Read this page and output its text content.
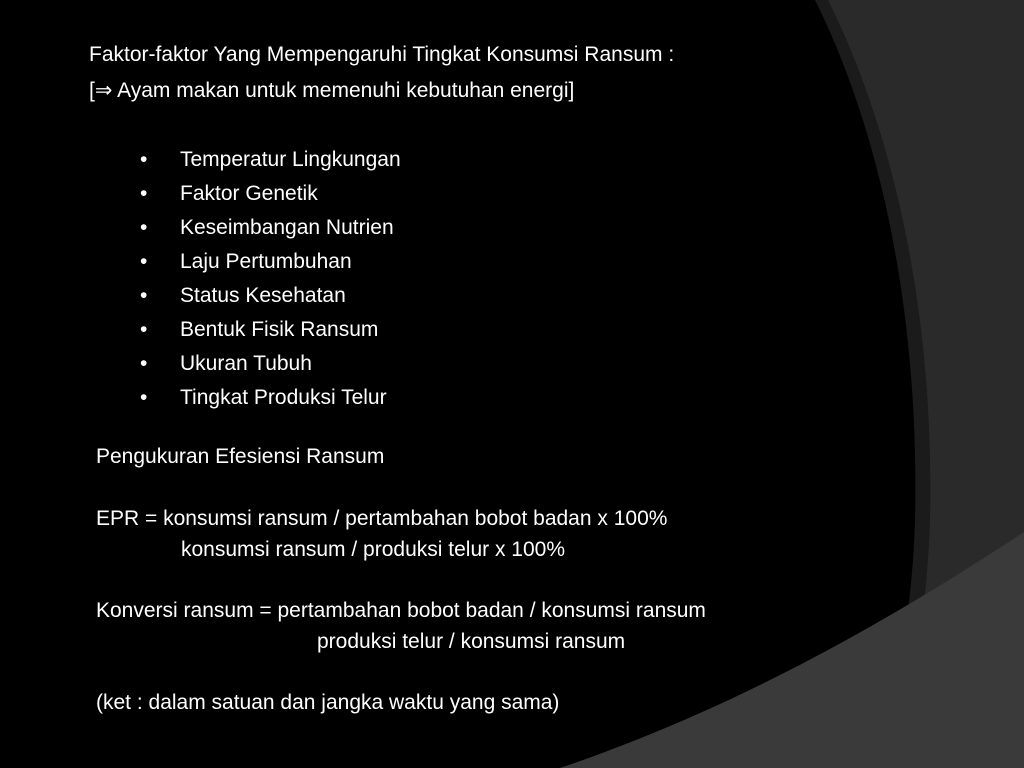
Faktor-faktor Yang Mempengaruhi Tingkat Konsumsi Ransum :
[⇒ Ayam makan untuk memenuhi kebutuhan energi]
• Temperatur Lingkungan
• Faktor Genetik
• Keseimbangan Nutrien
• Laju Pertumbuhan
• Status Kesehatan
• Bentuk Fisik Ransum
• Ukuran Tubuh
• Tingkat Produksi Telur
Pengukuran Efesiensi Ransum
EPR = konsumsi ransum / pertambahan bobot badan x 100%
konsumsi ransum / produksi telur x 100%
Konversi ransum = pertambahan bobot badan / konsumsi ransum
produksi telur / konsumsi ransum
(ket : dalam satuan dan jangka waktu yang sama)
